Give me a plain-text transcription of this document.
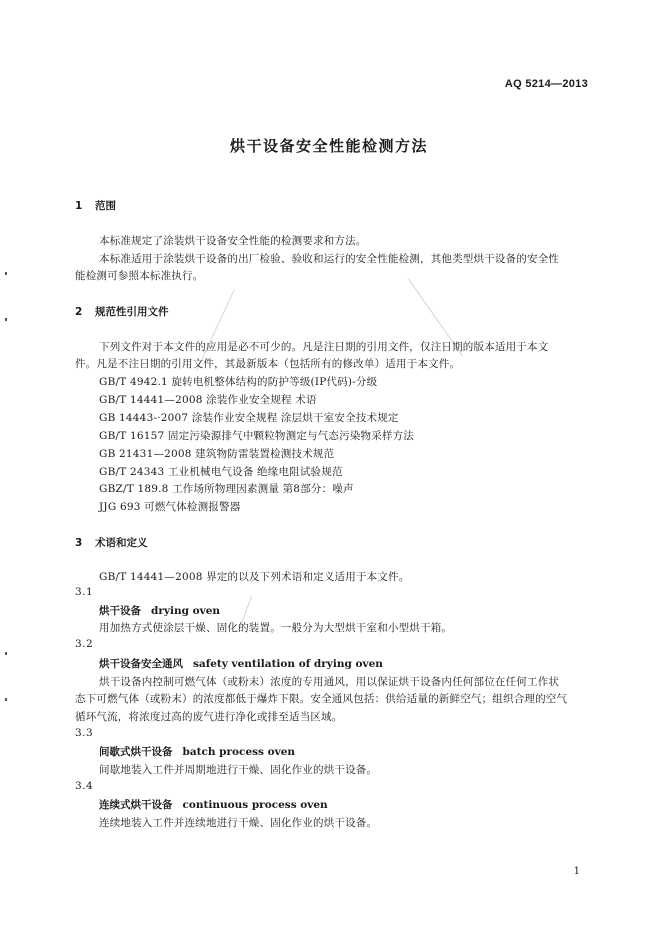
AQ 5214—2013
烘干设备安全性能检测方法
1 范围
本标准规定了涂装烘干设备安全性能的检测要求和方法。
本标准适用于涂装烘干设备的出厂检验、验收和运行的安全性能检测，其他类型烘干设备的安全性
能检测可参照本标准执行。
2 规范性引用文件
下列文件对于本文件的应用是必不可少的。凡是注日期的引用文件，仅注日期的版本适用于本文
件。凡是不注日期的引用文件，其最新版本（包括所有的修改单）适用于本文件。
GB/T 4942.1 旋转电机整体结构的防护等级(IP代码)-分级
GB/T 14441—2008 涂装作业安全规程 术语
GB 14443-·2007 涂装作业安全规程 涂层烘干室安全技术规定
GB/T 16157 固定污染源排气中颗粒物测定与气态污染物采样方法
GB 21431—2008 建筑物防雷装置检测技术规范
GB/T 24343 工业机械电气设备 绝缘电阻试验规范
GBZ/T 189.8 工作场所物理因素测量 第8部分：噪声
JJG 693 可燃气体检测报警器
3 术语和定义
GB/T 14441—2008 界定的以及下列术语和定义适用于本文件。
3.1
烘干设备 drying oven
用加热方式使涂层干燥、固化的装置。一般分为大型烘干室和小型烘干箱。
3.2
烘干设备安全通风 safety ventilation of drying oven
烘干设备内控制可燃气体（或粉末）浓度的专用通风，用以保证烘干设备内任何部位在任何工作状
态下可燃气体（或粉末）的浓度都低于爆炸下限。安全通风包括：供给适量的新鲜空气；组织合理的空气
循环气流，将浓度过高的废气进行净化或排至适当区域。
3.3
间歇式烘干设备 batch process oven
间歇地装入工件并周期地进行干燥、固化作业的烘干设备。
3.4
连续式烘干设备 continuous process oven
连续地装入工件并连续地进行干燥、固化作业的烘干设备。
1
